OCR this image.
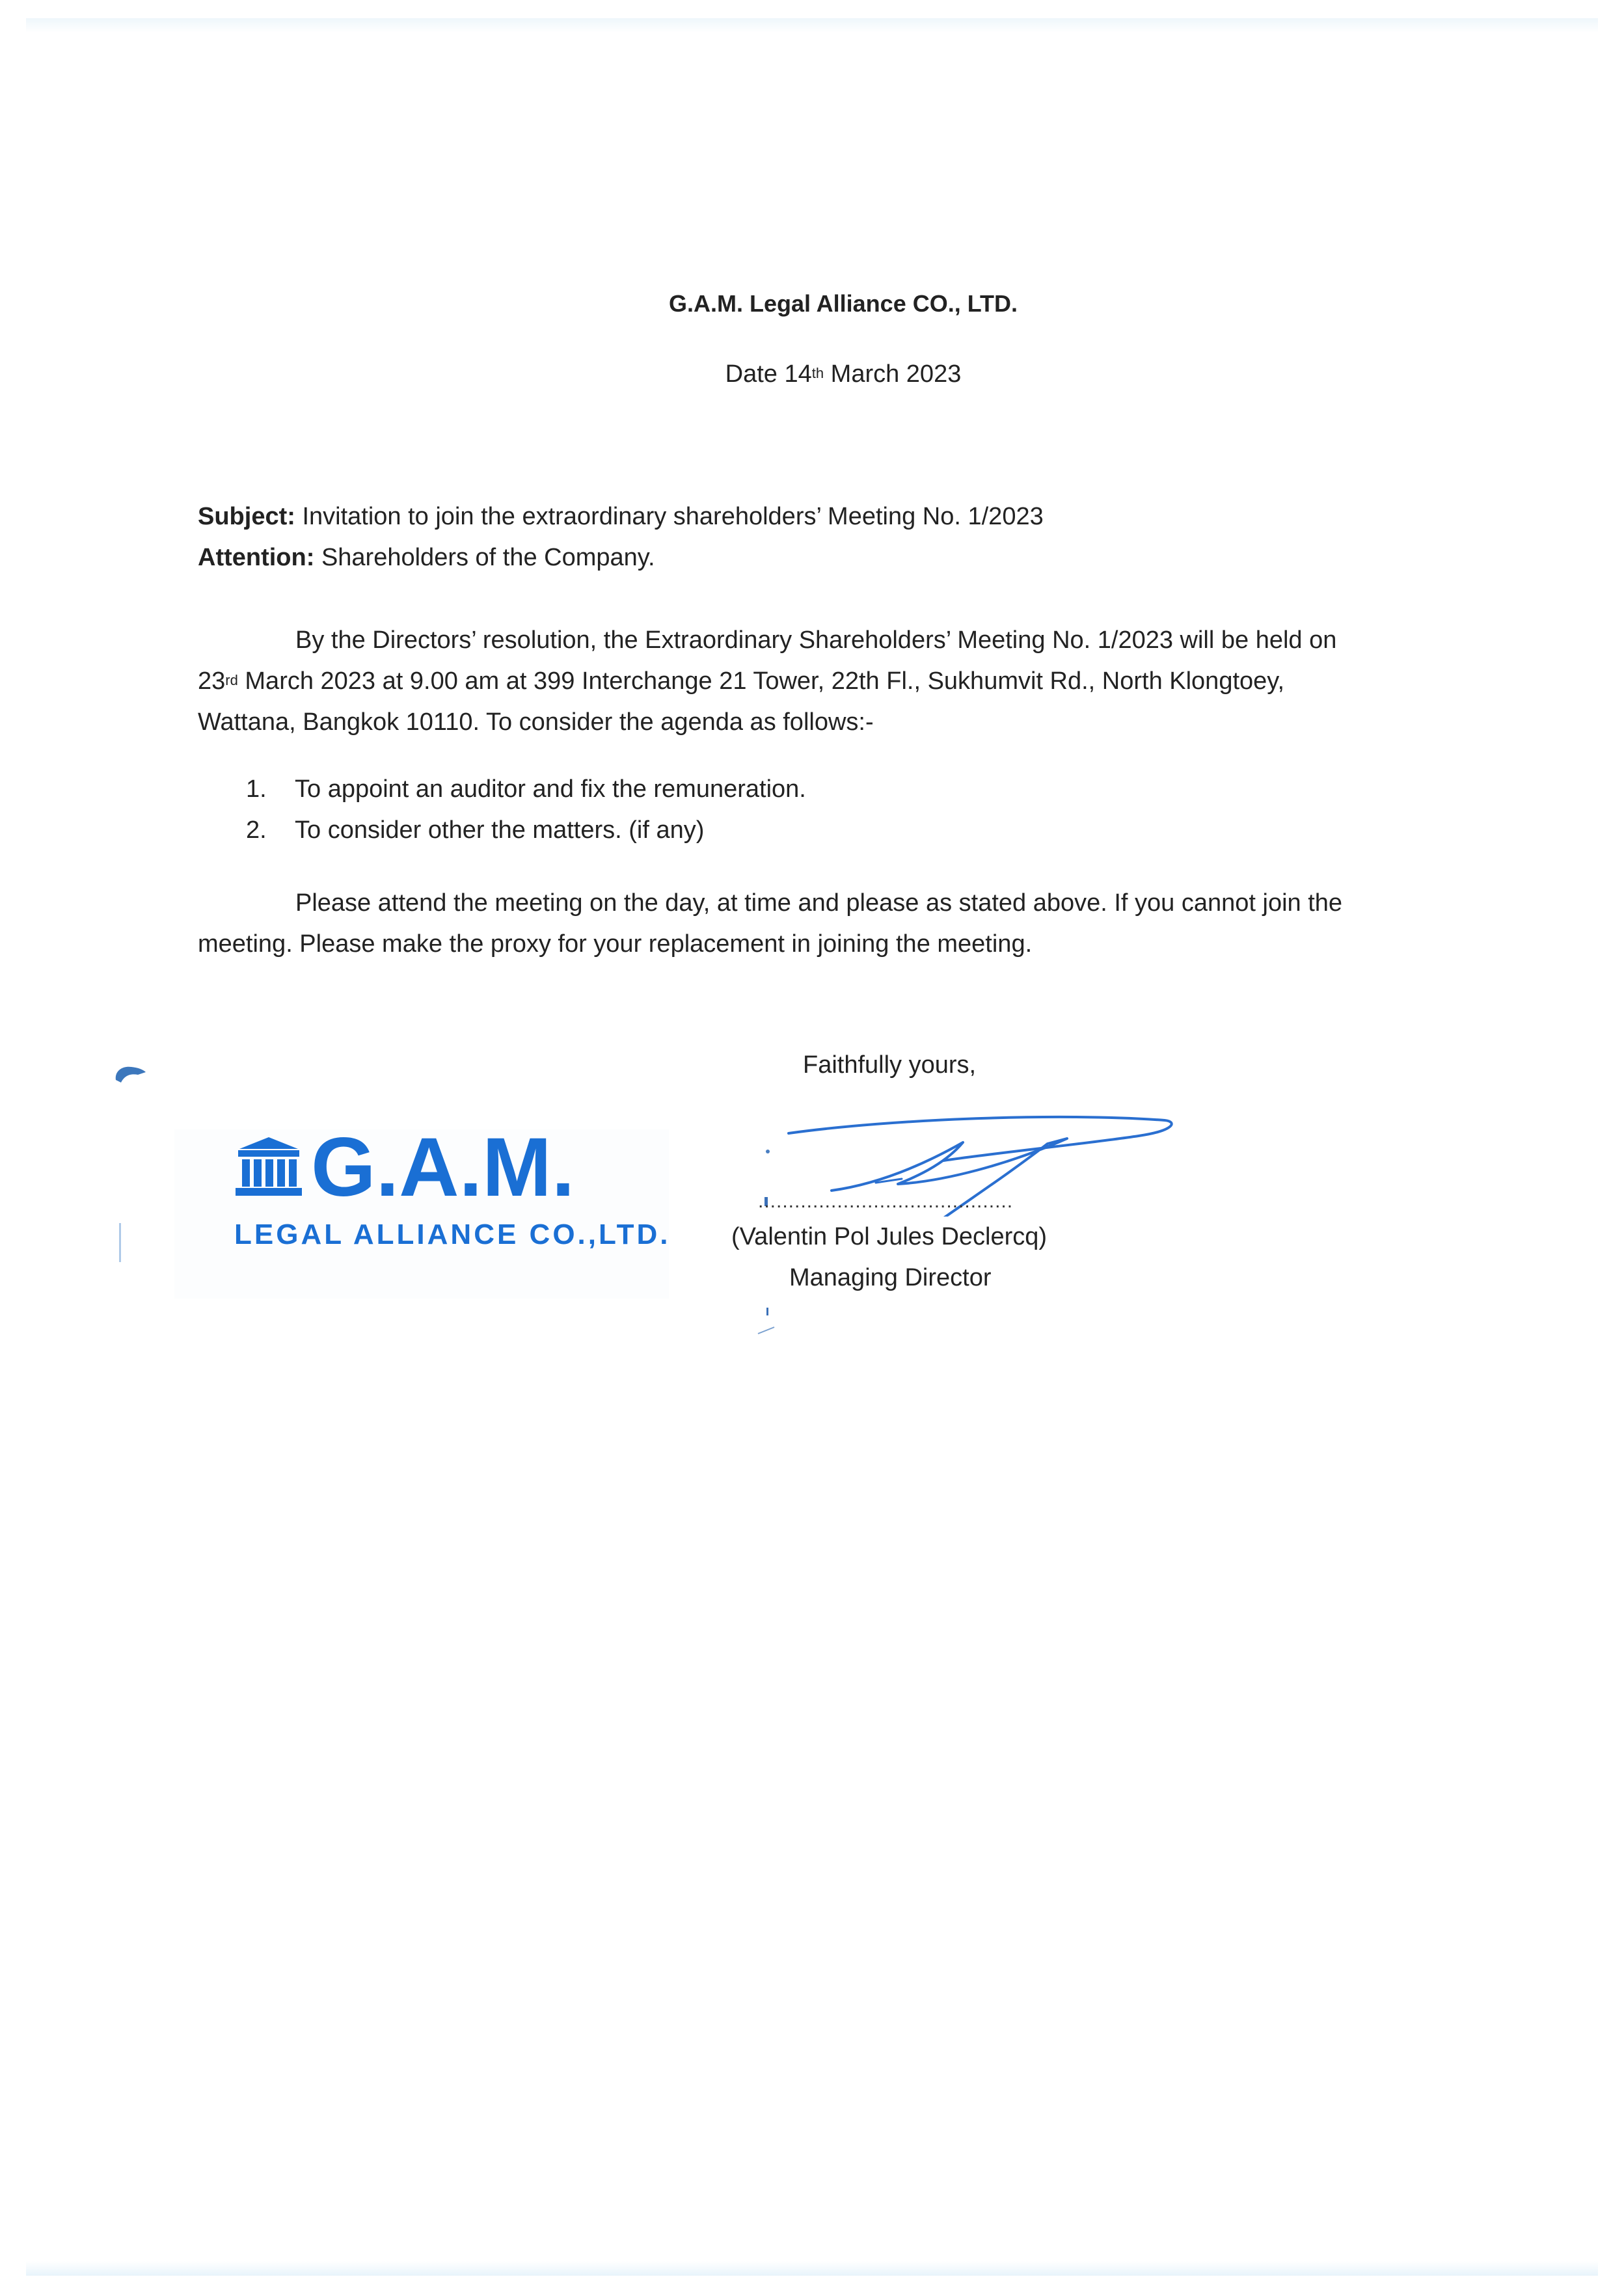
G.A.M. Legal Alliance CO., LTD.
Date 14th March 2023
Subject: Invitation to join the extraordinary shareholders’ Meeting No. 1/2023
Attention: Shareholders of the Company.
By the Directors’ resolution, the Extraordinary Shareholders’ Meeting No. 1/2023 will be held on
23rd March 2023 at 9.00 am at 399 Interchange 21 Tower, 22th Fl., Sukhumvit Rd., North Klongtoey,
Wattana, Bangkok 10110. To consider the agenda as follows:-
1. To appoint an auditor and fix the remuneration.
2. To consider other the matters. (if any)
Please attend the meeting on the day, at time and please as stated above. If you cannot join the
meeting. Please make the proxy for your replacement in joining the meeting.
G.A.M.
LEGAL ALLIANCE CO.,LTD.
Faithfully yours,
..........................................
(Valentin Pol Jules Declercq)
Managing Director
